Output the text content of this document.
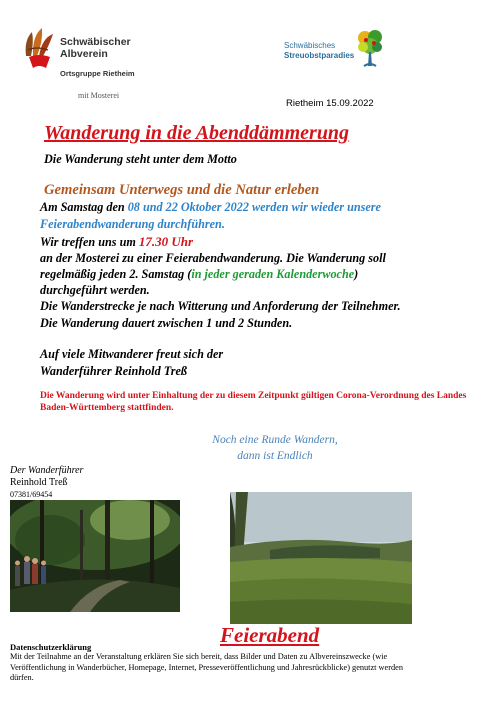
Schwäbischer
Albverein
Ortsgruppe Rietheim
mit Mosterei
Schwäbisches
Streuobstparadies
Rietheim 15.09.2022
Wanderung in die Abenddämmerung
Die Wanderung steht unter dem Motto
Gemeinsam Unterwegs und die Natur erleben
Am Samstag den 08 und 22 Oktober 2022 werden wir wieder unsere
Feierabendwanderung durchführen.
Wir treffen uns um 17.30 Uhr
an der Mosterei zu einer Feierabendwanderung. Die Wanderung soll
regelmäßig jeden 2. Samstag (in jeder geraden Kalenderwoche)
durchgeführt werden.
Die Wanderstrecke je nach Witterung und Anforderung der Teilnehmer.
Die Wanderung dauert zwischen 1 und 2 Stunden.
Auf viele Mitwanderer freut sich der
Wanderführer Reinhold Treß
Die Wanderung wird unter Einhaltung der zu diesem Zeitpunkt gültigen Corona-Verordnung des Landes Baden-Württemberg stattfinden.
Noch eine Runde Wandern,
dann ist Endlich
Der Wanderführer
Reinhold Treß
07381/69454
Feierabend
Datenschutzerklärung
Mit der Teilnahme an der Veranstaltung erklären Sie sich bereit, dass Bilder und Daten zu Albvereinszwecke (wie Veröffentlichung in Wanderbücher, Homepage, Internet, Presseveröffentlichung und Jahresrückblicke) genutzt werden dürfen.
